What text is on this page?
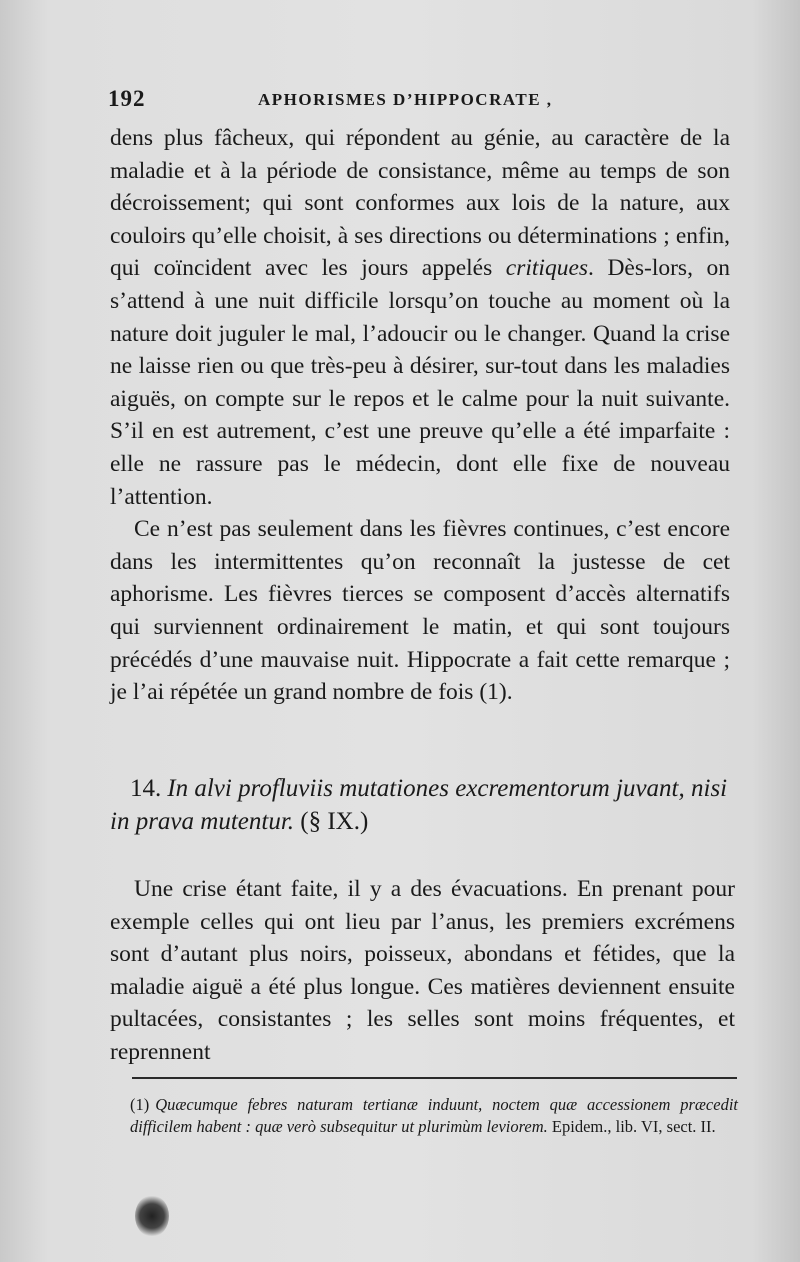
192	APHORISMES D’HIPPOCRATE ,

dens plus fâcheux, qui répondent au génie, au caractère de la maladie et à la période de consistance, même au temps de son décroissement; qui sont conformes aux lois de la nature, aux couloirs qu’elle choisit, à ses directions ou déterminations ; enfin, qui coïncident avec les jours appelés critiques. Dès-lors, on s’attend à une nuit difficile lorsqu’on touche au moment où la nature doit juguler le mal, l’adoucir ou le changer. Quand la crise ne laisse rien ou que très-peu à désirer, sur-tout dans les maladies aiguës, on compte sur le repos et le calme pour la nuit suivante. S’il en est autrement, c’est une preuve qu’elle a été imparfaite : elle ne rassure pas le médecin, dont elle fixe de nouveau l’attention.

Ce n’est pas seulement dans les fièvres continues, c’est encore dans les intermittentes qu’on reconnaît la justesse de cet aphorisme. Les fièvres tierces se composent d’accès alternatifs qui surviennent ordinairement le matin, et qui sont toujours précédés d’une mauvaise nuit. Hippocrate a fait cette remarque ; je l’ai répétée un grand nombre de fois (1).

14. In alvi profluviis mutationes excrementorum juvant, nisi in prava mutentur. (§ IX.)

Une crise étant faite, il y a des évacuations. En prenant pour exemple celles qui ont lieu par l’anus, les premiers excrémens sont d’autant plus noirs, poisseux, abondans et fétides, que la maladie aiguë a été plus longue. Ces matières deviennent ensuite pultacées, consistantes ; les selles sont moins fréquentes, et reprennent

(1) Quæcumque febres naturam tertianæ induunt, noctem quæ accessionem præcedit difficilem habent : quæ verò subsequitur ut plurimùm leviorem. Epidem., lib. VI, sect. II.
